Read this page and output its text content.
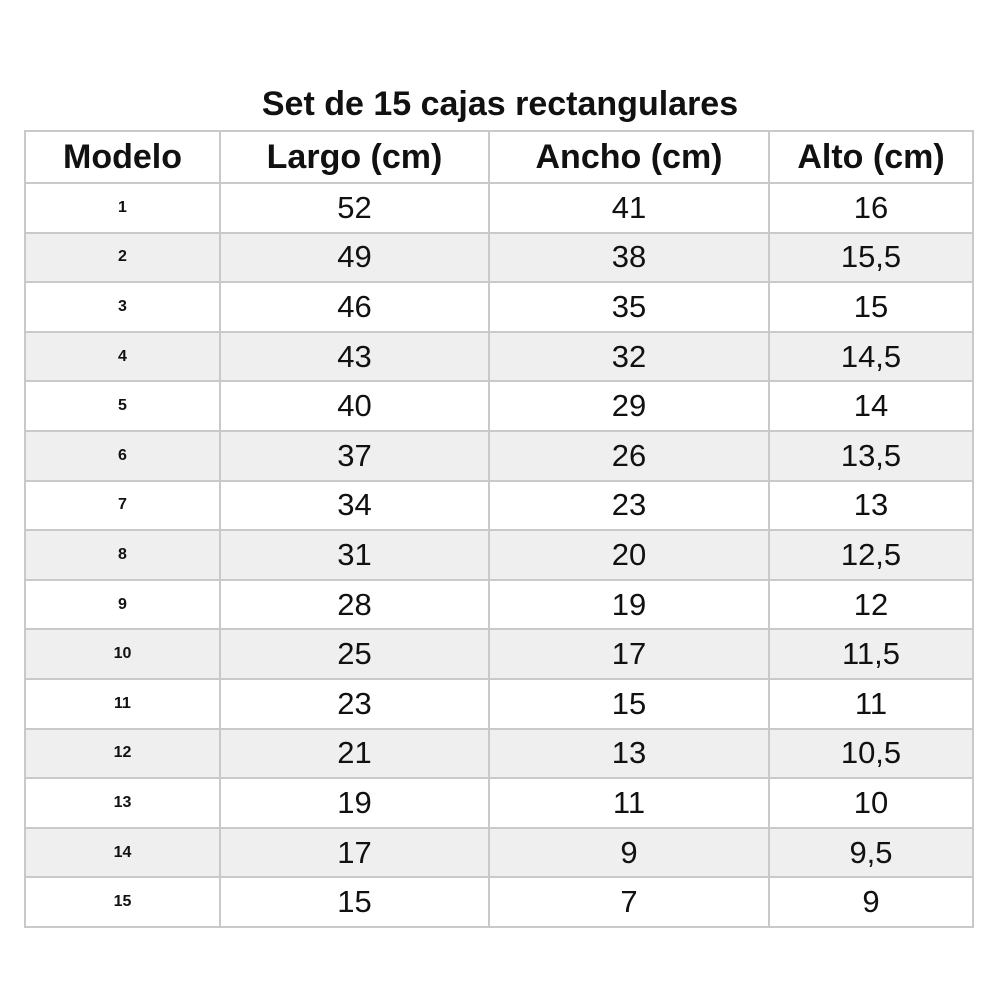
Set de 15 cajas rectangulares
Modelo	Largo (cm)	Ancho (cm)	Alto (cm)
1	52	41	16
2	49	38	15,5
3	46	35	15
4	43	32	14,5
5	40	29	14
6	37	26	13,5
7	34	23	13
8	31	20	12,5
9	28	19	12
10	25	17	11,5
11	23	15	11
12	21	13	10,5
13	19	11	10
14	17	9	9,5
15	15	7	9
